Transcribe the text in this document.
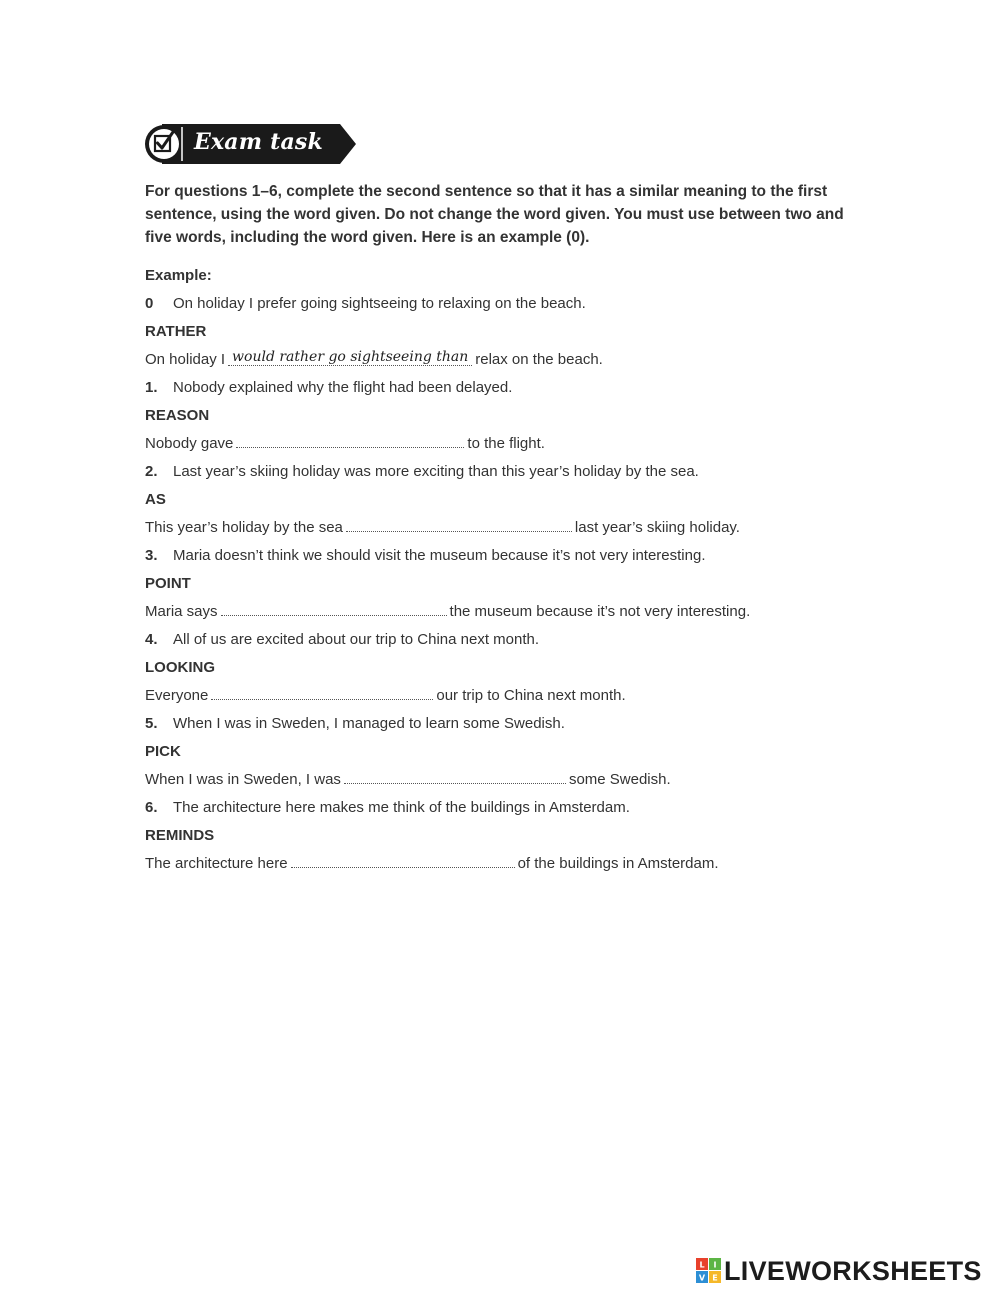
Exam task
For questions 1–6, complete the second sentence so that it has a similar meaning to the first sentence, using the word given. Do not change the word given. You must use between two and five words, including the word given. Here is an example (0).
Example:
0 On holiday I prefer going sightseeing to relaxing on the beach.
RATHER
On holiday I would rather go sightseeing than relax on the beach.
1. Nobody explained why the flight had been delayed.
REASON
Nobody gave	to the flight.
2. Last year’s skiing holiday was more exciting than this year’s holiday by the sea.
AS
This year’s holiday by the sea	last year’s skiing holiday.
3. Maria doesn’t think we should visit the museum because it’s not very interesting.
POINT
Maria says	the museum because it’s not very interesting.
4. All of us are excited about our trip to China next month.
LOOKING
Everyone	our trip to China next month.
5. When I was in Sweden, I managed to learn some Swedish.
PICK
When I was in Sweden, I was	some Swedish.
6. The architecture here makes me think of the buildings in Amsterdam.
REMINDS
The architecture here	of the buildings in Amsterdam.
L I
V E LIVEWORKSHEETS
